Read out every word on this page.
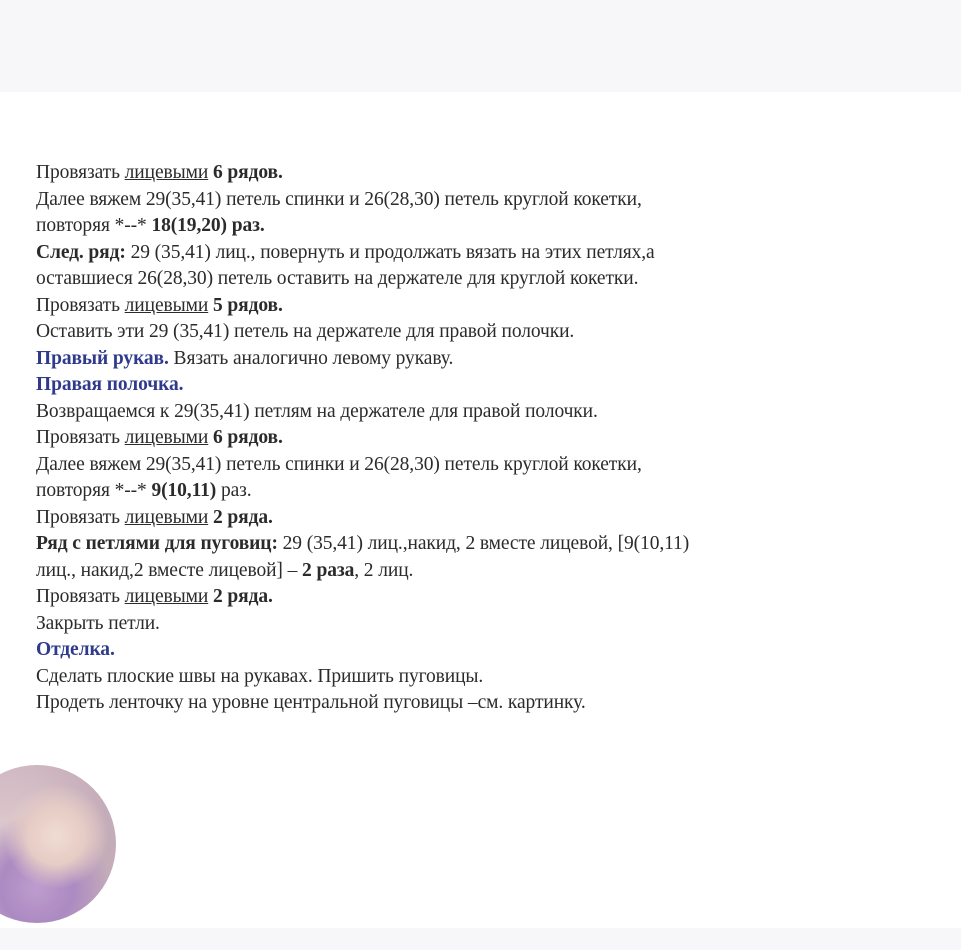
Провязать лицевыми 6 рядов.
Далее вяжем 29(35,41) петель спинки и 26(28,30) петель круглой кокетки,
повторяя *--* 18(19,20) раз.
След. ряд: 29 (35,41) лиц., повернуть и продолжать вязать на этих петлях,а
оставшиеся 26(28,30) петель оставить на держателе для круглой кокетки.
Провязать лицевыми 5 рядов.
Оставить эти 29 (35,41) петель на держателе для правой полочки.
Правый рукав. Вязать аналогично левому рукаву.
Правая полочка.
Возвращаемся к 29(35,41) петлям на держателе для правой полочки.
Провязать лицевыми 6 рядов.
Далее вяжем 29(35,41) петель спинки и 26(28,30) петель круглой кокетки,
повторяя *--* 9(10,11) раз.
Провязать лицевыми 2 ряда.
Ряд с петлями для пуговиц: 29 (35,41) лиц.,накид, 2 вместе лицевой, [9(10,11)
лиц., накид,2 вместе лицевой] – 2 раза, 2 лиц.
Провязать лицевыми 2 ряда.
Закрыть петли.
Отделка.
Сделать плоские швы на рукавах. Пришить пуговицы.
Продеть ленточку на уровне центральной пуговицы –см. картинку.
